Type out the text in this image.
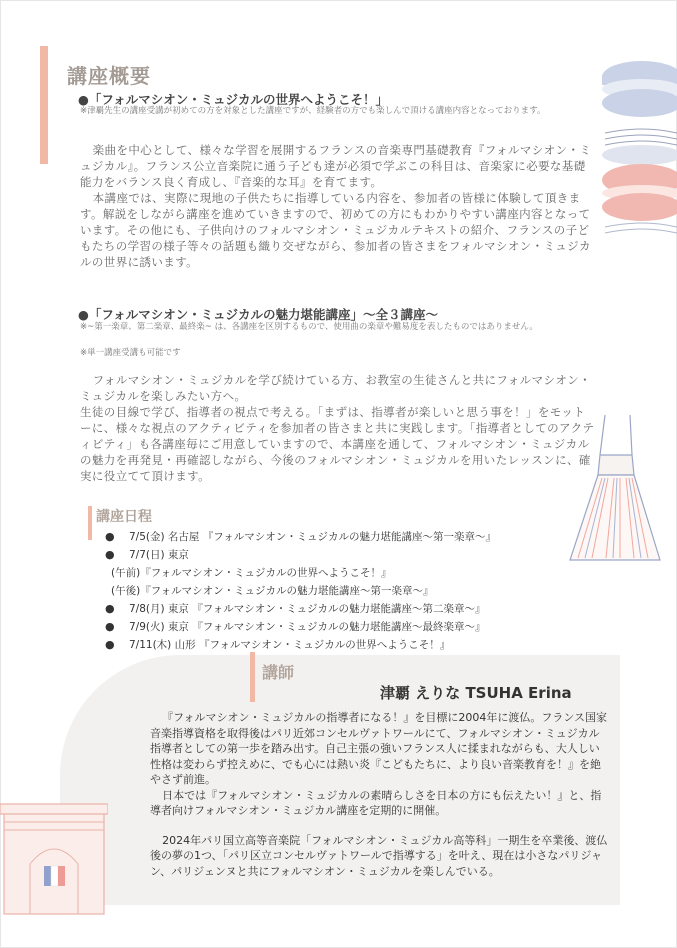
講座概要
●「フォルマシオン・ミュジカルの世界へようこそ！」
※津覇先生の講座受講が初めての方を対象とした講座ですが、経験者の方でも楽しんで頂ける講座内容となっております。

楽曲を中心として、様々な学習を展開するフランスの音楽専門基礎教育『フォルマシオン・ミュジカル』。フランス公立音楽院に通う子ども達が必須で学ぶこの科目は、音楽家に必要な基礎能力をバランス良く育成し、『音楽的な耳』を育てます。

本講座では、実際に現地の子供たちに指導している内容を、参加者の皆様に体験して頂きます。解説をしながら講座を進めていきますので、初めての方にもわかりやすい講座内容となっています。その他にも、子供向けのフォルマシオン・ミュジカルテキストの紹介、フランスの子どもたちの学習の様子等々の話題も織り交ぜながら、参加者の皆さまをフォルマシオン・ミュジカルの世界に誘います。

●「フォルマシオン・ミュジカルの魅力堪能講座」～全３講座～
※~第一楽章、第二楽章、最終楽~ は、各講座を区別するもので、使用曲の楽章や難易度を表したものではありません。
※単一講座受講も可能です

フォルマシオン・ミュジカルを学び続けている方、お教室の生徒さんと共にフォルマシオン・ミュジカルを楽しみたい方へ。

生徒の目線で学び、指導者の視点で考える。「まずは、指導者が楽しいと思う事を！」をモットーに、様々な視点のアクティビティを参加者の皆さまと共に実践します。「指導者としてのアクティビティ」も各講座毎にご用意していますので、本講座を通して、フォルマシオン・ミュジカルの魅力を再発見・再確認しながら、今後のフォルマシオン・ミュジカルを用いたレッスンに、確実に役立てて頂けます。

講座日程
● 7/5(金) 名古屋 『フォルマシオン・ミュジカルの魅力堪能講座～第一楽章～』
● 7/7(日) 東京
(午前)『フォルマシオン・ミュジカルの世界へようこそ！』
(午後)『フォルマシオン・ミュジカルの魅力堪能講座～第一楽章～』
● 7/8(月) 東京 『フォルマシオン・ミュジカルの魅力堪能講座～第二楽章～』
● 7/9(火) 東京 『フォルマシオン・ミュジカルの魅力堪能講座～最終楽章～』
● 7/11(木) 山形 『フォルマシオン・ミュジカルの世界へようこそ！』
講師
津覇 えりな TSUHA Erina

『フォルマシオン・ミュジカルの指導者になる！』を目標に2004年に渡仏。フランス国家音楽指導資格を取得後はパリ近郊コンセルヴァトワールにて、フォルマシオン・ミュジカル指導者としての第一歩を踏み出す。自己主張の強いフランス人に揉まれながらも、大人しい性格は変わらず控えめに、でも心には熱い炎『こどもたちに、より良い音楽教育を！』を絶やさず前進。

日本では『フォルマシオン・ミュジカルの素晴らしさを日本の方にも伝えたい！』と、指導者向けフォルマシオン・ミュジカル講座を定期的に開催。

2024年パリ国立高等音楽院「フォルマシオン・ミュジカル高等科」一期生を卒業後、渡仏後の夢の1つ、「パリ区立コンセルヴァトワールで指導する」を叶え、現在は小さなパリジャン、パリジェンヌと共にフォルマシオン・ミュジカルを楽しんでいる。
